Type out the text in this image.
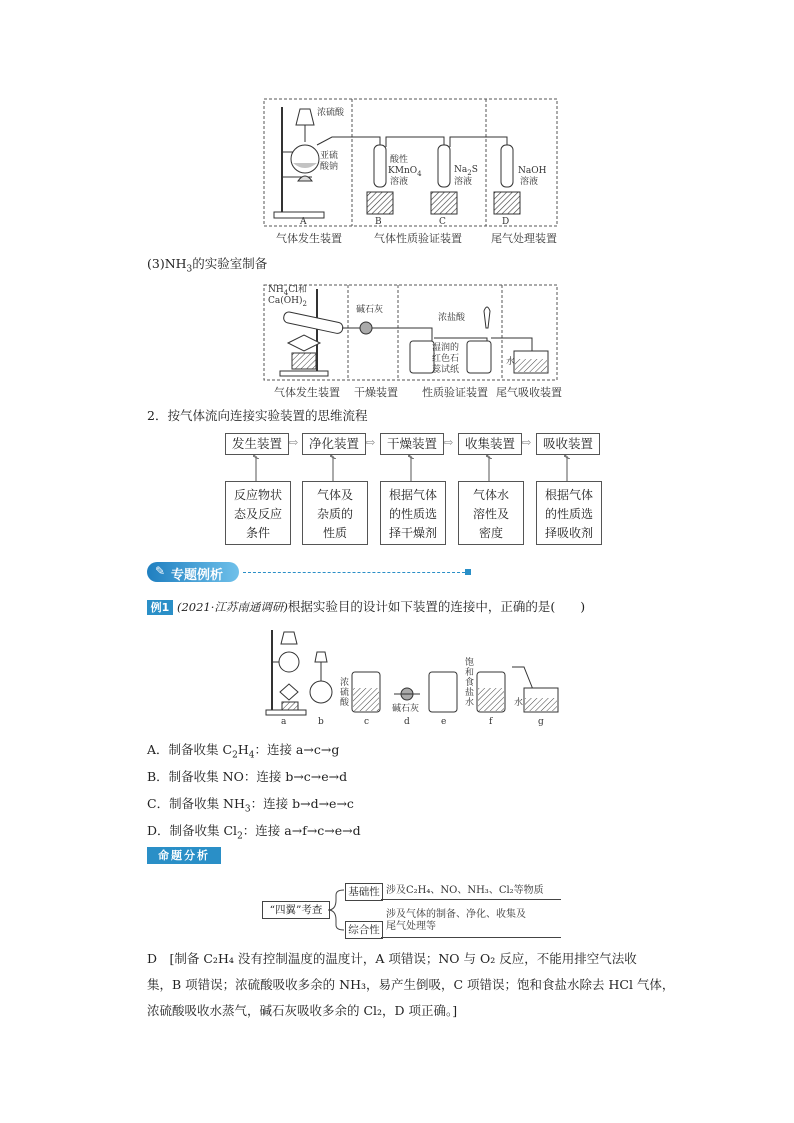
浓硫酸
亚硫
酸钠
酸性
KMnO$_4$
溶液
$Na_2S$
溶液
NaOH
溶液
A	B	C	D
气体发生装置	气体性质验证装置	尾气处理装置
$(3)NH_3$的实验室制备
$NH_4Cl$和
$Ca(OH)_2$
碱石灰
浓盐酸
湿润的
红色石
蕊试纸
水
气体发生装置 干燥装置 性质验证装置 尾气吸收装置
2．按气体流向连接实验装置的思维流程
发生装置 ⇨ 净化装置 ⇨ 干燥装置 ⇨ 收集装置 ⇨ 吸收装置
反应物状
态及反应
条件
气体及
杂质的
性质
根据气体
的性质选
择干燥剂
气体水
溶性及
密度
根据气体
的性质选
择吸收剂
✎ 专题例析
例1 (2021·江苏南通调研)根据实验目的设计如下装置的连接中，正确的是(　　)
a	b	c	d	e	f	g
浓
硫
酸
碱石灰
饱
和
食
盐
水	水
A．制备收集 $C_2H_4$：连接 a→c→g
B．制备收集 NO：连接 b→c→e→d
C．制备收集 $NH_3$：连接 b→d→e→c
D．制备收集 $Cl_2$：连接 a→f→c→e→d
命题分析
“四翼”考查
基础性 涉及C₂H₄、NO、NH₃、Cl₂等物质
综合性
涉及气体的制备、净化、收集及
尾气处理等
D　[制备 C₂H₄ 没有控制温度的温度计，A 项错误；NO 与 O₂ 反应，不能用排空气法收
集，B 项错误；浓硫酸吸收多余的 NH₃，易产生倒吸，C 项错误；饱和食盐水除去 HCl 气体，
浓硫酸吸收水蒸气，碱石灰吸收多余的 Cl₂，D 项正确。]
